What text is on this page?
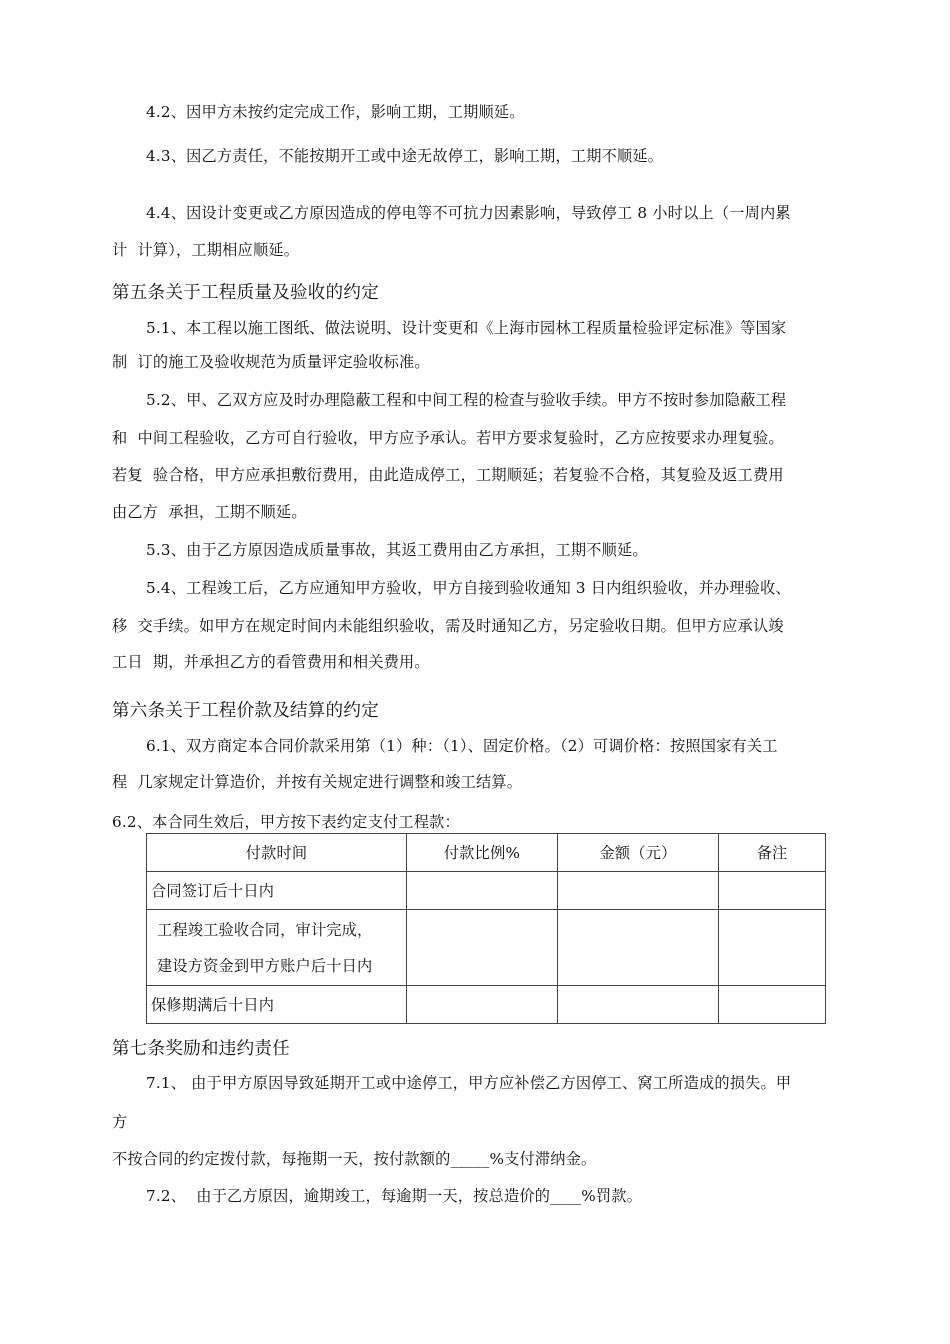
4.2、因甲方未按约定完成工作，影响工期，工期顺延。
4.3、因乙方责任，不能按期开工或中途无故停工，影响工期，工期不顺延。
4.4、因设计变更或乙方原因造成的停电等不可抗力因素影响，导致停工 8 小时以上（一周内累
计  计算），工期相应顺延。
第五条关于工程质量及验收的约定
5.1、本工程以施工图纸、做法说明、设计变更和《上海市园林工程质量检验评定标准》等国家
制  订的施工及验收规范为质量评定验收标准。
5.2、甲、乙双方应及时办理隐蔽工程和中间工程的检查与验收手续。甲方不按时参加隐蔽工程
和  中间工程验收，乙方可自行验收，甲方应予承认。若甲方要求复验时，乙方应按要求办理复验。
若复  验合格，甲方应承担敷衍费用，由此造成停工，工期顺延；若复验不合格，其复验及返工费用
由乙方  承担，工期不顺延。
5.3、由于乙方原因造成质量事故，其返工费用由乙方承担，工期不顺延。
5.4、工程竣工后，乙方应通知甲方验收，甲方自接到验收通知 3 日内组织验收，并办理验收、
移  交手续。如甲方在规定时间内未能组织验收，需及时通知乙方，另定验收日期。但甲方应承认竣
工日  期，并承担乙方的看管费用和相关费用。
第六条关于工程价款及结算的约定
6.1、双方商定本合同价款采用第（1）种：（1）、固定价格。（2）可调价格：按照国家有关工
程  几家规定计算造价，并按有关规定进行调整和竣工结算。
6.2、本合同生效后，甲方按下表约定支付工程款：
付款时间	付款比例%	金额（元）	备注
合同签订后十日内			
工程竣工验收合同，审计完成，
建设方资金到甲方账户后十日内			
保修期满后十日内			
第七条奖励和违约责任
7.1、 由于甲方原因导致延期开工或中途停工，甲方应补偿乙方因停工、窝工所造成的损失。甲
方
不按合同的约定拨付款，每拖期一天，按付款额的_____%支付滞纳金。
7.2、  由于乙方原因，逾期竣工，每逾期一天，按总造价的____%罚款。
